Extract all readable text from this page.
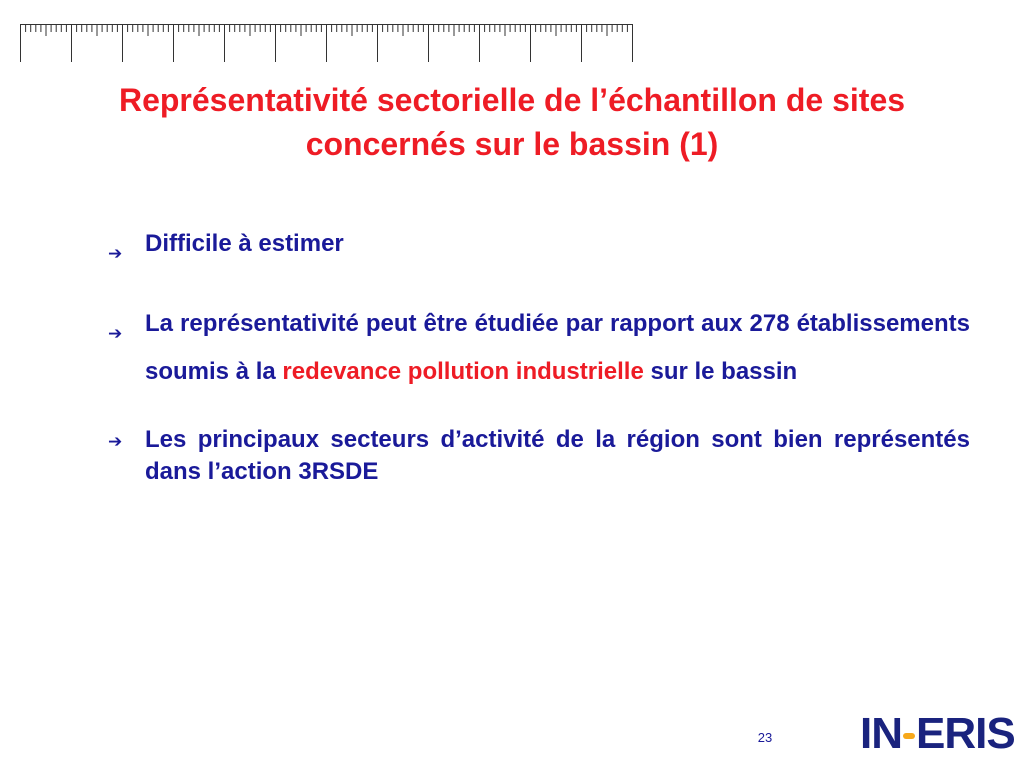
Représentativité sectorielle de l’échantillon de sites concernés sur le bassin (1)
➔ Difficile à estimer
➔ La représentativité peut être étudiée par rapport aux 278 établissements soumis à la redevance pollution industrielle sur le bassin
➔ Les principaux secteurs d’activité de la région sont bien représentés dans l’action 3RSDE
23	IN ERIS
